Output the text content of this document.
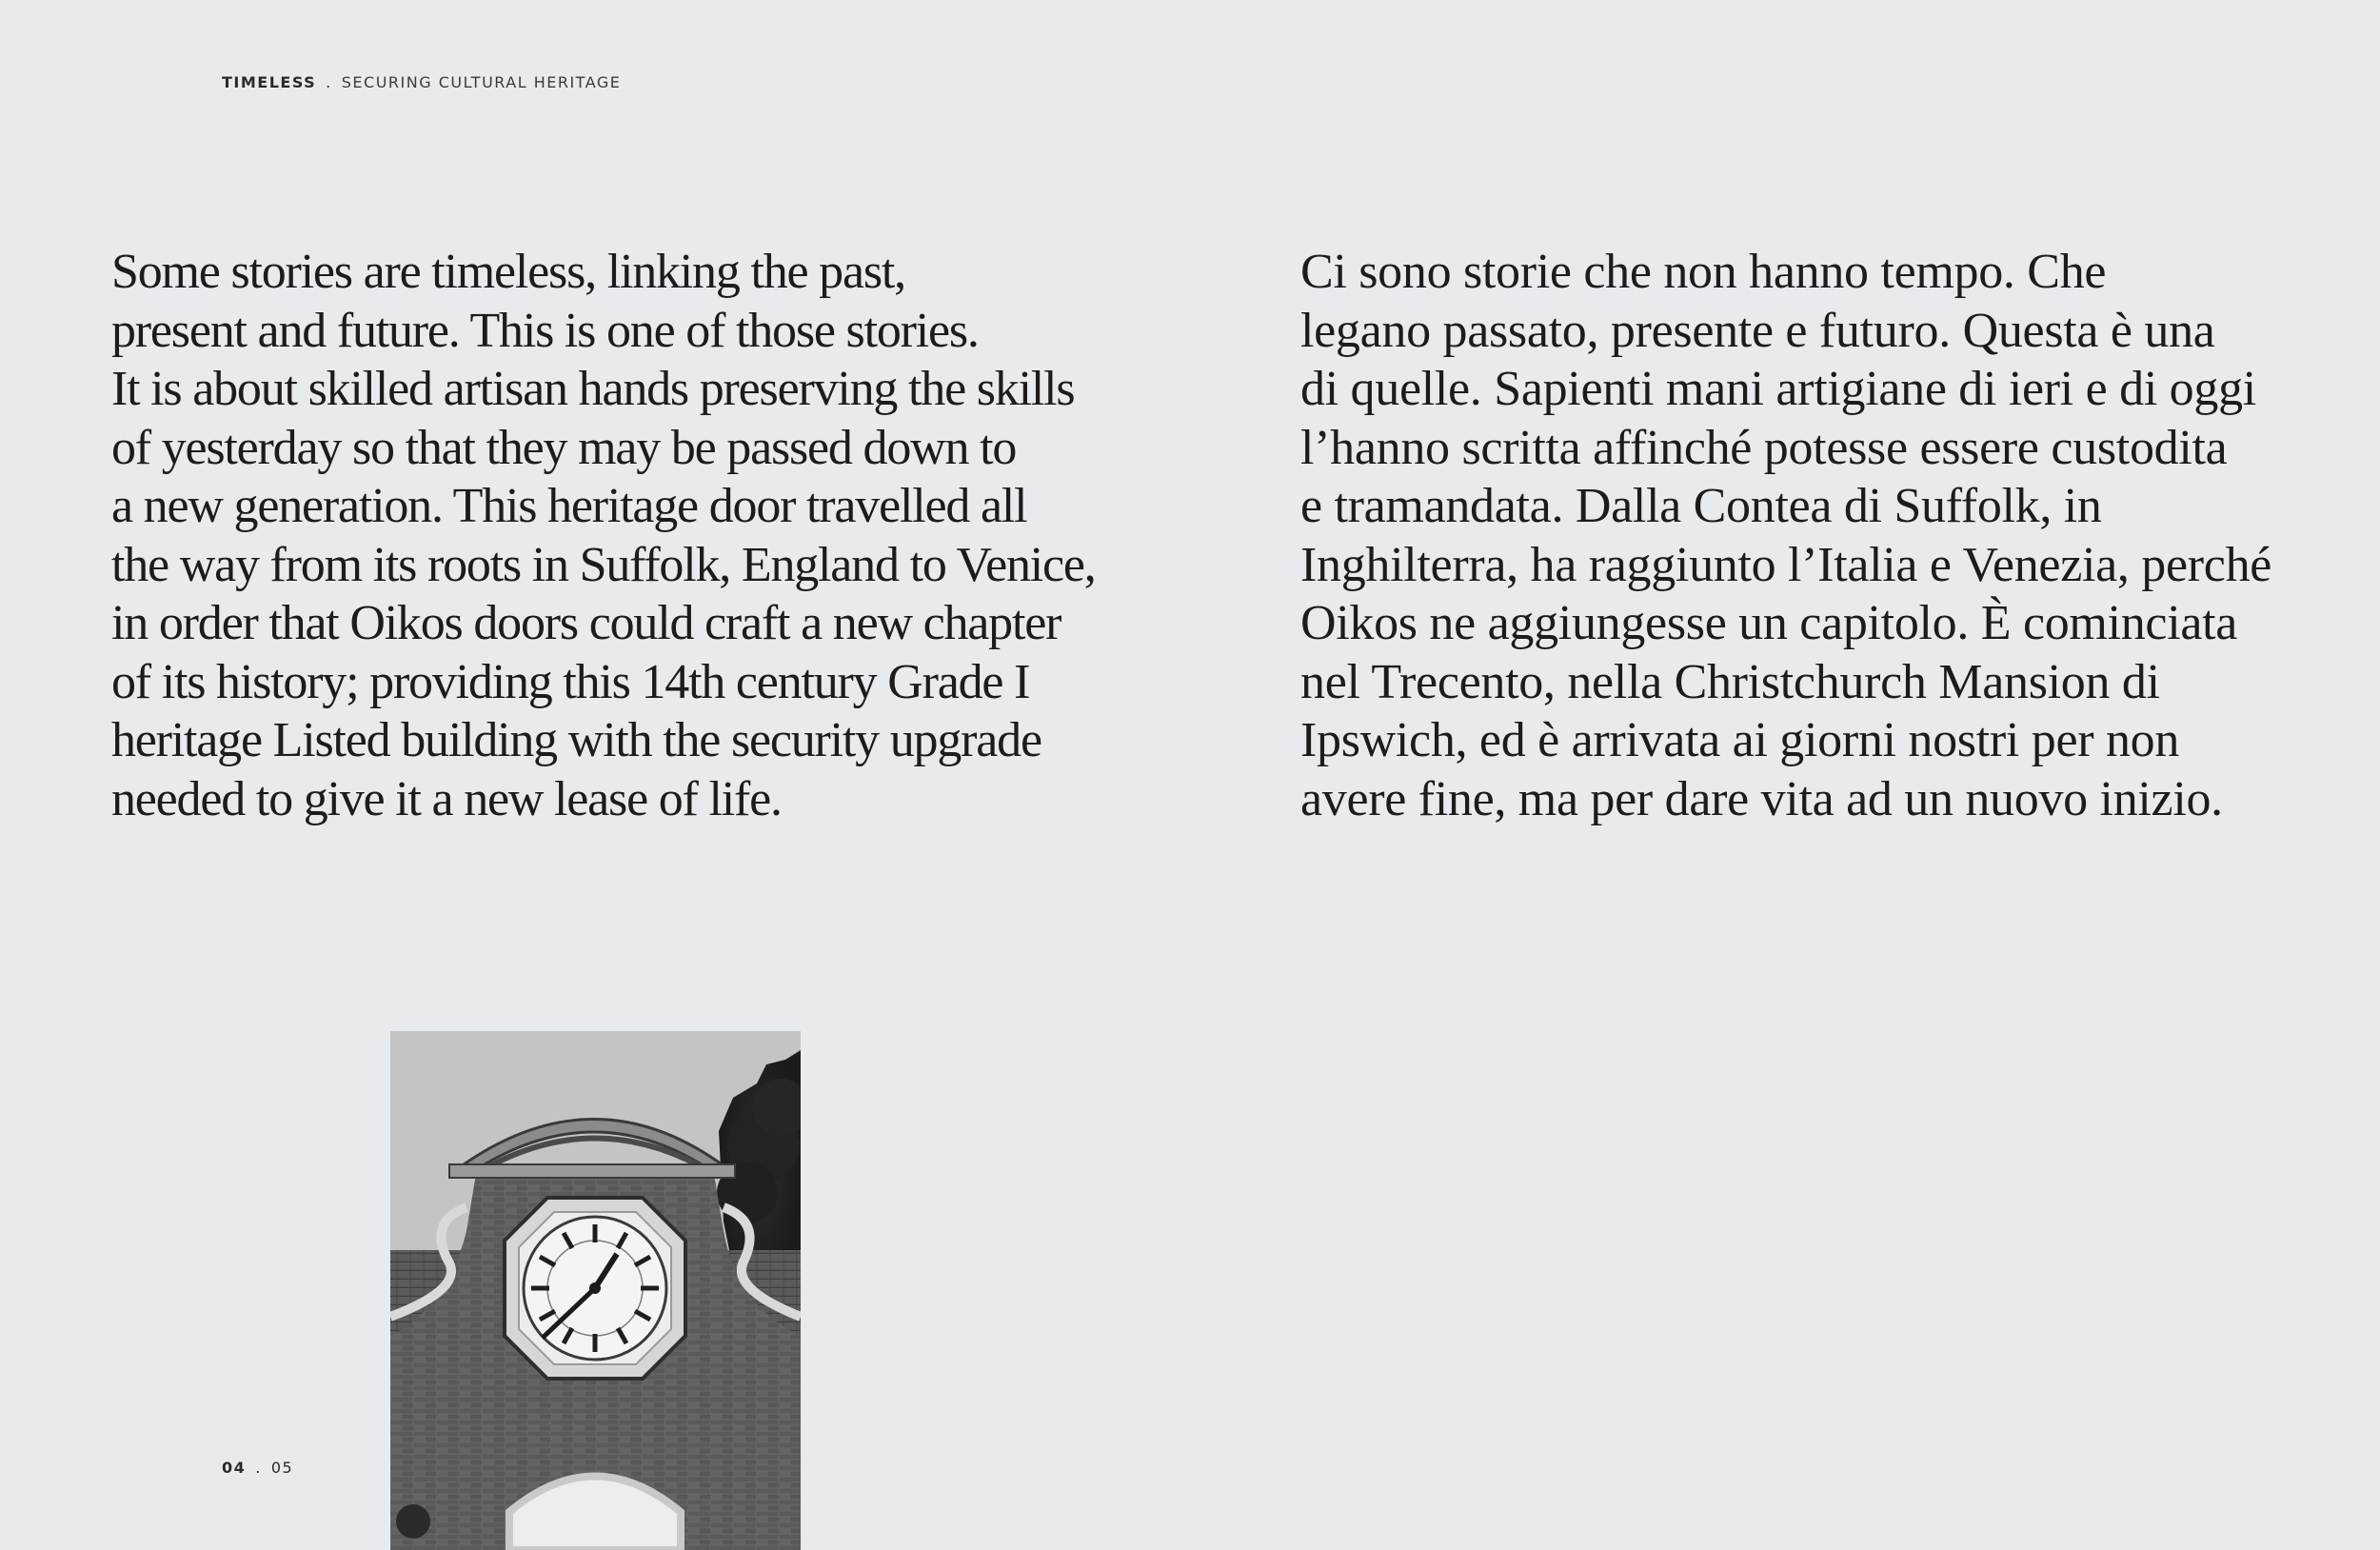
TIMELESS . SECURING CULTURAL HERITAGE
Some stories are timeless, linking the past,
present and future. This is one of those stories.
It is about skilled artisan hands preserving the skills
of yesterday so that they may be passed down to
a new generation. This heritage door travelled all
the way from its roots in Suffolk, England to Venice,
in order that Oikos doors could craft a new chapter
of its history; providing this 14th century Grade I
heritage Listed building with the security upgrade
needed to give it a new lease of life.
Ci sono storie che non hanno tempo. Che
legano passato, presente e futuro. Questa è una
di quelle. Sapienti mani artigiane di ieri e di oggi
l’hanno scritta affinché potesse essere custodita
e tramandata. Dalla Contea di Suffolk, in
Inghilterra, ha raggiunto l’Italia e Venezia, perché
Oikos ne aggiungesse un capitolo. È cominciata
nel Trecento, nella Christchurch Mansion di
Ipswich, ed è arrivata ai giorni nostri per non
avere fine, ma per dare vita ad un nuovo inizio.
04 . 05
